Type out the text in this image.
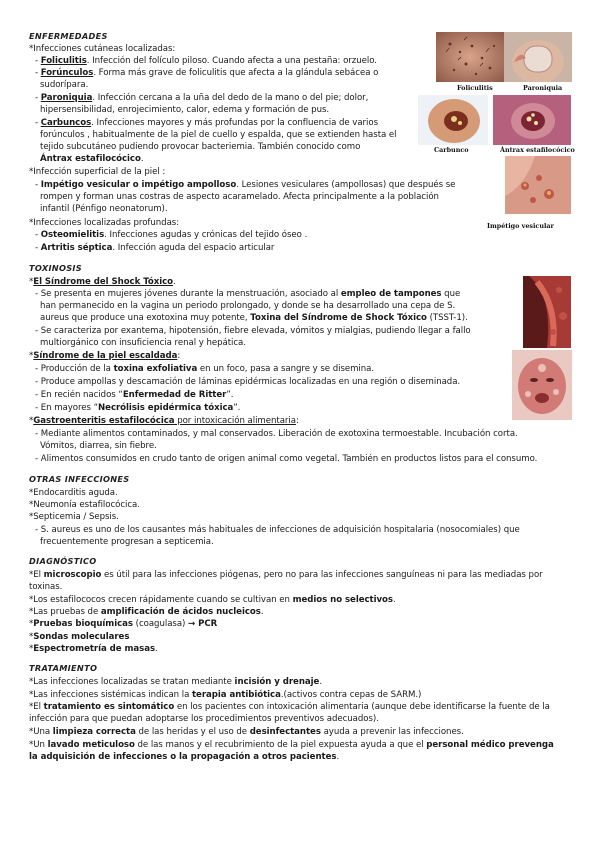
Foliculitis	Paroniquia
Carbunco	Ántrax estafilocócico
Impétigo vesicular
ENFERMEDADES
*Infecciones cutáneas localizadas:
- Foliculitis. Infección del folículo piloso. Cuando afecta a una pestaña: orzuelo.
- Forúnculos. Forma más grave de foliculitis que afecta a la glándula sebácea o
sudorípara.
- Paroniquia. Infección cercana a la uña del dedo de la mano o del pie; dolor,
hipersensibilidad, enrojecimiento, calor, edema y formación de pus.
- Carbuncos. Infecciones mayores y más profundas por la confluencia de varios
forúnculos , habitualmente de la piel de cuello y espalda, que se extienden hasta el
tejido subcutáneo pudiendo provocar bacteriemia. También conocido como
Ántrax estafilocócico.
*Infección superficial de la piel :
- Impétigo vesicular o impétigo ampolloso. Lesiones vesiculares (ampollosas) que después se
rompen y forman unas costras de aspecto acaramelado. Afecta principalmente a la población
infantil (Pénfigo neonatorum).
*Infecciones localizadas profundas:
- Osteomielitis. Infecciones agudas y crónicas del tejido óseo .
- Artritis séptica. Infección aguda del espacio articular
TOXINOSIS
*El Síndrome del Shock Tóxico.
- Se presenta en mujeres jóvenes durante la menstruación, asociado al empleo de tampones que
han permanecido en la vagina un periodo prolongado, y donde se ha desarrollado una cepa de S.
aureus que produce una exotoxina muy potente, Toxina del Síndrome de Shock Tóxico (TSST-1).
- Se caracteriza por exantema, hipotensión, fiebre elevada, vómitos y mialgias, pudiendo llegar a fallo
multiorgánico con insuficiencia renal y hepática.
*Síndrome de la piel escaldada:
- Producción de la toxina exfoliativa en un foco, pasa a sangre y se disemina.
- Produce ampollas y descamación de láminas epidérmicas localizadas en una región o diseminada.
- En recién nacidos “Enfermedad de Ritter”.
- En mayores “Necrólisis epidérmica tóxica”.
*Gastroenteritis estafilocócica por intoxicación alimentaria:
- Mediante alimentos contaminados, y mal conservados. Liberación de exotoxina termoestable. Incubación corta.
Vómitos, diarrea, sin fiebre.
- Alimentos consumidos en crudo tanto de origen animal como vegetal. También en productos listos para el consumo.
OTRAS INFECCIONES
*Endocarditis aguda.
*Neumonía estafilocócica.
*Septicemia / Sepsis.
- S. aureus es uno de los causantes más habituales de infecciones de adquisición hospitalaria (nosocomiales) que
frecuentemente progresan a septicemia.
DIAGNÓSTICO
*El microscopio es útil para las infecciones piógenas, pero no para las infecciones sanguíneas ni para las mediadas por
toxinas.
*Los estafilococos crecen rápidamente cuando se cultivan en medios no selectivos.
*Las pruebas de amplificación de ácidos nucleicos.
*Pruebas bioquímicas (coagulasa) → PCR
*Sondas moleculares
*Espectrometría de masas.
TRATAMIENTO
*Las infecciones localizadas se tratan mediante incisión y drenaje.
*Las infecciones sistémicas indican la terapia antibiótica.(activos contra cepas de SARM.)
*El tratamiento es sintomático en los pacientes con intoxicación alimentaria (aunque debe identificarse la fuente de la
infección para que puedan adoptarse los procedimientos preventivos adecuados).
*Una limpieza correcta de las heridas y el uso de desinfectantes ayuda a prevenir las infecciones.
*Un lavado meticuloso de las manos y el recubrimiento de la piel expuesta ayuda a que el personal médico prevenga
la adquisición de infecciones o la propagación a otros pacientes.
